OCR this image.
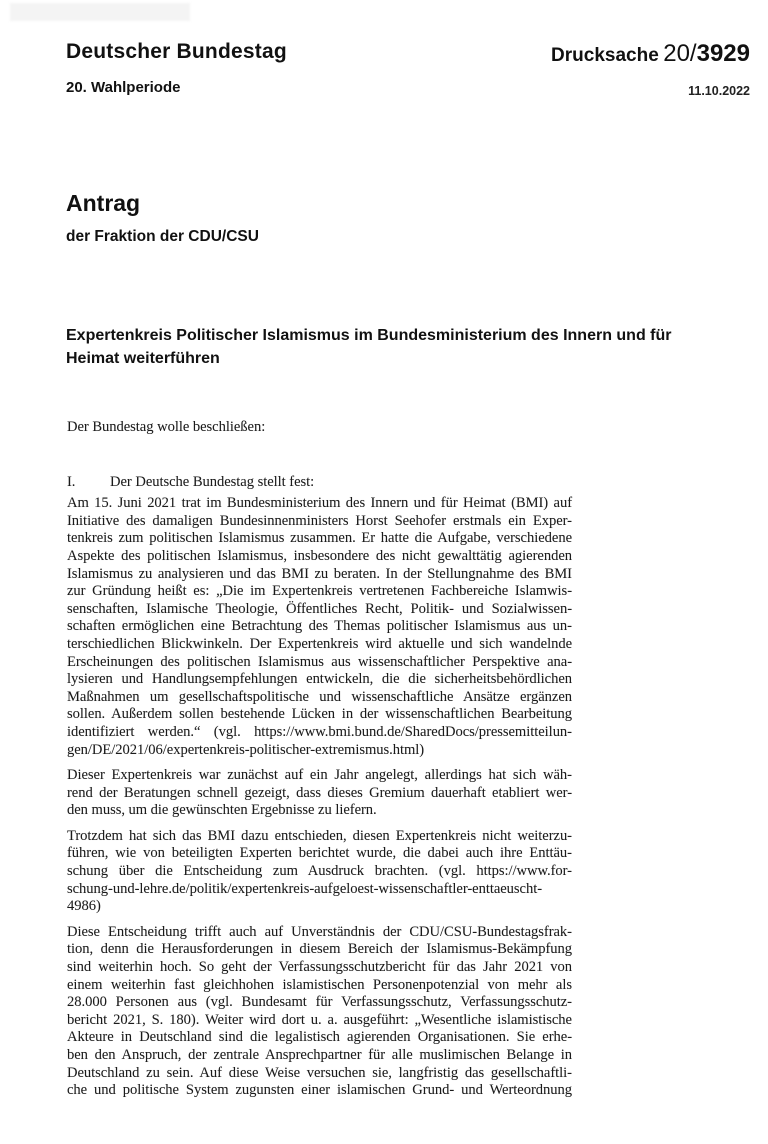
Deutscher Bundestag
20. Wahlperiode
Drucksache 20/3929
11.10.2022
Antrag
der Fraktion der CDU/CSU
Expertenkreis Politischer Islamismus im Bundesministerium des Innern und für
Heimat weiterführen
Der Bundestag wolle beschließen:
I. Der Deutsche Bundestag stellt fest:
Am 15. Juni 2021 trat im Bundesministerium des Innern und für Heimat (BMI) auf
Initiative des damaligen Bundesinnenministers Horst Seehofer erstmals ein Exper-
tenkreis zum politischen Islamismus zusammen. Er hatte die Aufgabe, verschiedene
Aspekte des politischen Islamismus, insbesondere des nicht gewalttätig agierenden
Islamismus zu analysieren und das BMI zu beraten. In der Stellungnahme des BMI
zur Gründung heißt es: „Die im Expertenkreis vertretenen Fachbereiche Islamwis-
senschaften, Islamische Theologie, Öffentliches Recht, Politik- und Sozialwissen-
schaften ermöglichen eine Betrachtung des Themas politischer Islamismus aus un-
terschiedlichen Blickwinkeln. Der Expertenkreis wird aktuelle und sich wandelnde
Erscheinungen des politischen Islamismus aus wissenschaftlicher Perspektive ana-
lysieren und Handlungsempfehlungen entwickeln, die die sicherheitsbehördlichen
Maßnahmen um gesellschaftspolitische und wissenschaftliche Ansätze ergänzen
sollen. Außerdem sollen bestehende Lücken in der wissenschaftlichen Bearbeitung
identifiziert werden.“ (vgl. https://www.bmi.bund.de/SharedDocs/pressemitteilun-
gen/DE/2021/06/expertenkreis-politischer-extremismus.html)
Dieser Expertenkreis war zunächst auf ein Jahr angelegt, allerdings hat sich wäh-
rend der Beratungen schnell gezeigt, dass dieses Gremium dauerhaft etabliert wer-
den muss, um die gewünschten Ergebnisse zu liefern.
Trotzdem hat sich das BMI dazu entschieden, diesen Expertenkreis nicht weiterzu-
führen, wie von beteiligten Experten berichtet wurde, die dabei auch ihre Enttäu-
schung über die Entscheidung zum Ausdruck brachten. (vgl. https://www.for-
schung-und-lehre.de/politik/expertenkreis-aufgeloest-wissenschaftler-enttaeuscht-
4986)
Diese Entscheidung trifft auch auf Unverständnis der CDU/CSU-Bundestagsfrak-
tion, denn die Herausforderungen in diesem Bereich der Islamismus-Bekämpfung
sind weiterhin hoch. So geht der Verfassungsschutzbericht für das Jahr 2021 von
einem weiterhin fast gleichhohen islamistischen Personenpotenzial von mehr als
28.000 Personen aus (vgl. Bundesamt für Verfassungsschutz, Verfassungsschutz-
bericht 2021, S. 180). Weiter wird dort u. a. ausgeführt: „Wesentliche islamistische
Akteure in Deutschland sind die legalistisch agierenden Organisationen. Sie erhe-
ben den Anspruch, der zentrale Ansprechpartner für alle muslimischen Belange in
Deutschland zu sein. Auf diese Weise versuchen sie, langfristig das gesellschaftli-
che und politische System zugunsten einer islamischen Grund- und Werteordnung
